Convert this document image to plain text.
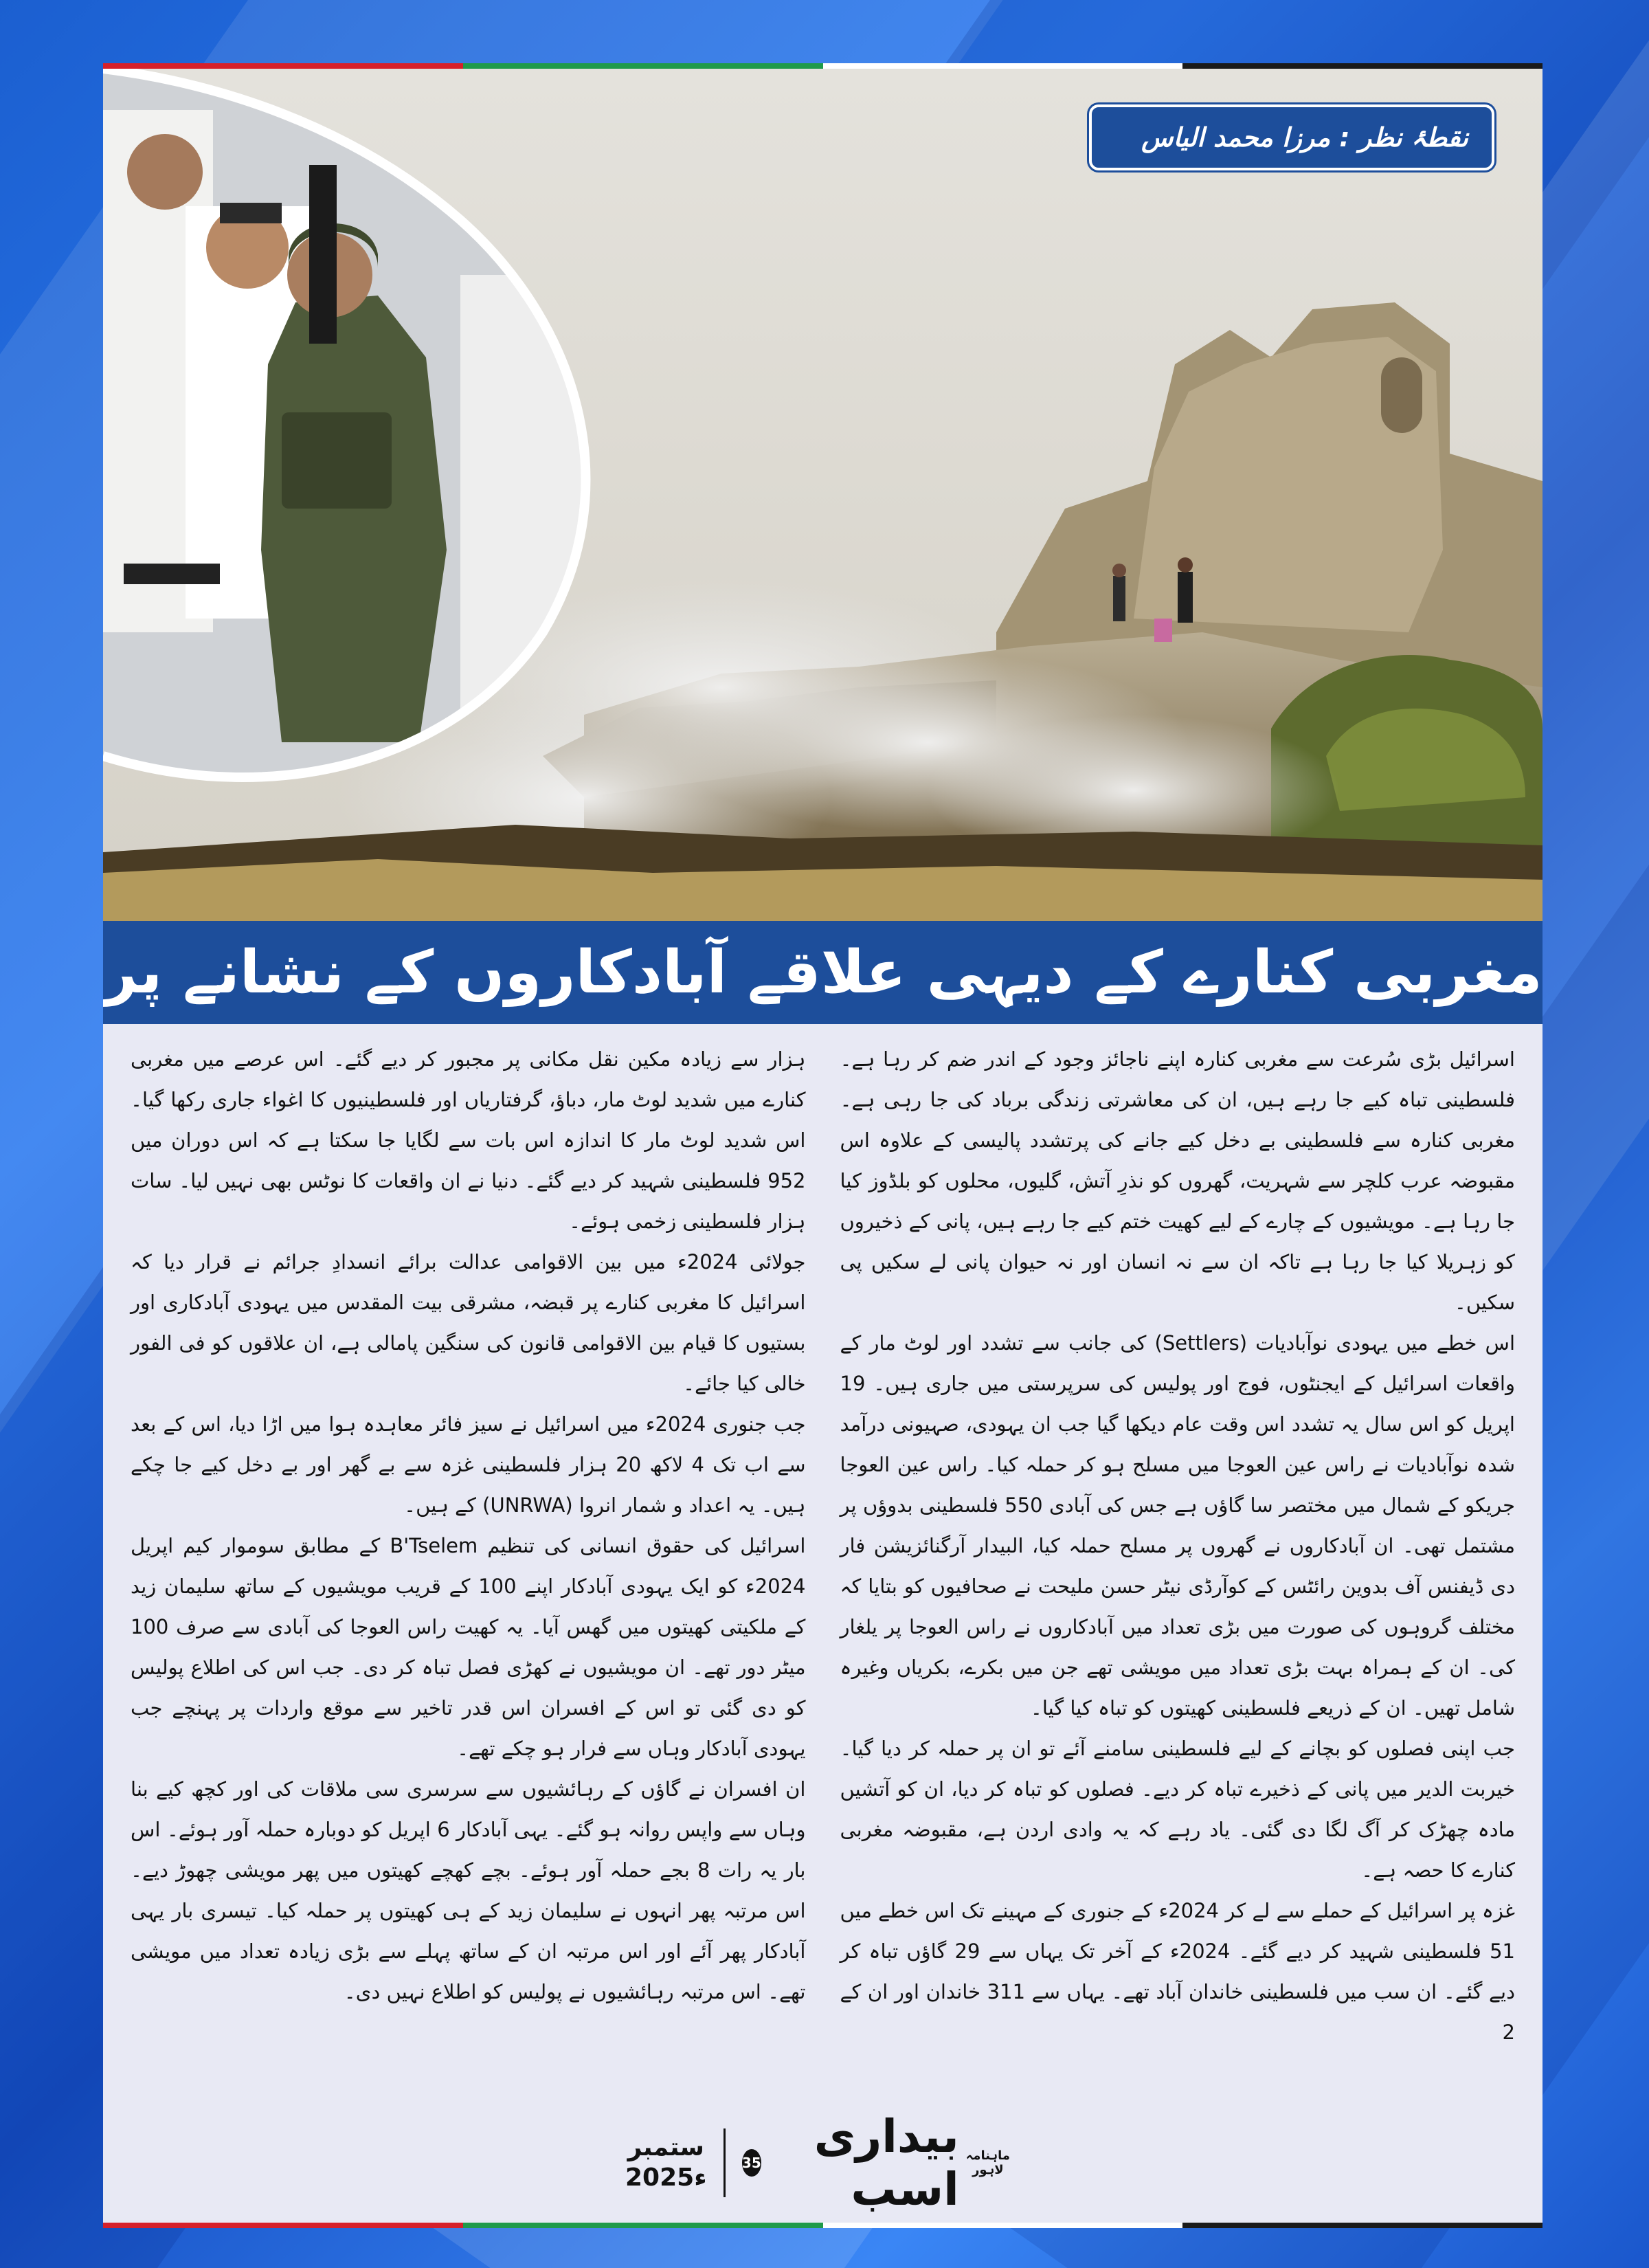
نقطۂ نظر : مرزا محمد الیاس
مغربی کنارے کے دیہی علاقے آبادکاروں کے نشانے پر

اسرائیل بڑی سُرعت سے مغربی کنارہ اپنے ناجائز وجود کے اندر ضم کر رہا ہے۔ فلسطینی تباہ کیے جا رہے ہیں، ان کی معاشرتی زندگی برباد کی جا رہی ہے۔ مغربی کنارہ سے فلسطینی بے دخل کیے جانے کی پرتشدد پالیسی کے علاوہ اس مقبوضہ عرب کلچر سے شہریت، گھروں کو نذرِ آتش، گلیوں، محلوں کو بلڈوز کیا جا رہا ہے۔ مویشیوں کے چارے کے لیے کھیت ختم کیے جا رہے ہیں، پانی کے ذخیروں کو زہریلا کیا جا رہا ہے تاکہ ان سے نہ انسان اور نہ حیوان پانی لے سکیں پی سکیں۔

اس خطے میں یہودی نوآبادیات (Settlers) کی جانب سے تشدد اور لوٹ مار کے واقعات اسرائیل کے ایجنٹوں، فوج اور پولیس کی سرپرستی میں جاری ہیں۔ 19 اپریل کو اس سال یہ تشدد اس وقت عام دیکھا گیا جب ان یہودی، صہیونی درآمد شدہ نوآبادیات نے راس عین العوجا میں مسلح ہو کر حملہ کیا۔ راس عین العوجا جریکو کے شمال میں مختصر سا گاؤں ہے جس کی آبادی 550 فلسطینی بدوؤں پر مشتمل تھی۔ ان آبادکاروں نے گھروں پر مسلح حملہ کیا، البیدار آرگنائزیشن فار دی ڈیفنس آف بدوین رائٹس کے کوآرڈی نیٹر حسن ملیحت نے صحافیوں کو بتایا کہ مختلف گروہوں کی صورت میں بڑی تعداد میں آبادکاروں نے راس العوجا پر یلغار کی۔ ان کے ہمراہ بہت بڑی تعداد میں مویشی تھے جن میں بکرے، بکریاں وغیرہ شامل تھیں۔ ان کے ذریعے فلسطینی کھیتوں کو تباہ کیا گیا۔

جب اپنی فصلوں کو بچانے کے لیے فلسطینی سامنے آئے تو ان پر حملہ کر دیا گیا۔ خیربت الدیر میں پانی کے ذخیرے تباہ کر دیے۔ فصلوں کو تباہ کر دیا، ان کو آتشیں مادہ چھڑک کر آگ لگا دی گئی۔ یاد رہے کہ یہ وادی اردن ہے، مقبوضہ مغربی کنارے کا حصہ ہے۔

غزہ پر اسرائیل کے حملے سے لے کر 2024ء کے جنوری کے مہینے تک اس خطے میں 51 فلسطینی شہید کر دیے گئے۔ 2024ء کے آخر تک یہاں سے 29 گاؤں تباہ کر دیے گئے۔ ان سب میں فلسطینی خاندان آباد تھے۔ یہاں سے 311 خاندان اور ان کے 2

ہزار سے زیادہ مکین نقل مکانی پر مجبور کر دیے گئے۔ اس عرصے میں مغربی کنارے میں شدید لوٹ مار، دباؤ، گرفتاریاں اور فلسطینیوں کا اغواء جاری رکھا گیا۔ اس شدید لوٹ مار کا اندازہ اس بات سے لگایا جا سکتا ہے کہ اس دوران میں 952 فلسطینی شہید کر دیے گئے۔ دنیا نے ان واقعات کا نوٹس بھی نہیں لیا۔ سات ہزار فلسطینی زخمی ہوئے۔

جولائی 2024ء میں بین الاقوامی عدالت برائے انسدادِ جرائم نے قرار دیا کہ اسرائیل کا مغربی کنارے پر قبضہ، مشرقی بیت المقدس میں یہودی آبادکاری اور بستیوں کا قیام بین الاقوامی قانون کی سنگین پامالی ہے، ان علاقوں کو فی الفور خالی کیا جائے۔

جب جنوری 2024ء میں اسرائیل نے سیز فائر معاہدہ ہوا میں اڑا دیا، اس کے بعد سے اب تک 4 لاکھ 20 ہزار فلسطینی غزہ سے بے گھر اور بے دخل کیے جا چکے ہیں۔ یہ اعداد و شمار انروا (UNRWA) کے ہیں۔

اسرائیل کی حقوق انسانی کی تنظیم B'Tselem کے مطابق سوموار کیم اپریل 2024ء کو ایک یہودی آبادکار اپنے 100 کے قریب مویشیوں کے ساتھ سلیمان زید کے ملکیتی کھیتوں میں گھس آیا۔ یہ کھیت راس العوجا کی آبادی سے صرف 100 میٹر دور تھے۔ ان مویشیوں نے کھڑی فصل تباہ کر دی۔ جب اس کی اطلاع پولیس کو دی گئی تو اس کے افسران اس قدر تاخیر سے موقع واردات پر پہنچے جب یہودی آبادکار وہاں سے فرار ہو چکے تھے۔

ان افسران نے گاؤں کے رہائشیوں سے سرسری سی ملاقات کی اور کچھ کیے بنا وہاں سے واپس روانہ ہو گئے۔ یہی آبادکار 6 اپریل کو دوبارہ حملہ آور ہوئے۔ اس بار یہ رات 8 بجے حملہ آور ہوئے۔ بچے کھچے کھیتوں میں پھر مویشی چھوڑ دیے۔ اس مرتبہ پھر انہوں نے سلیمان زید کے ہی کھیتوں پر حملہ کیا۔ تیسری بار یہی آبادکار پھر آئے اور اس مرتبہ ان کے ساتھ پہلے سے بڑی زیادہ تعداد میں مویشی تھے۔ اس مرتبہ رہائشیوں نے پولیس کو اطلاع نہیں دی۔

ستمبر
2025ء
35	بیداری اسب
ماہنامہ
لاہور
